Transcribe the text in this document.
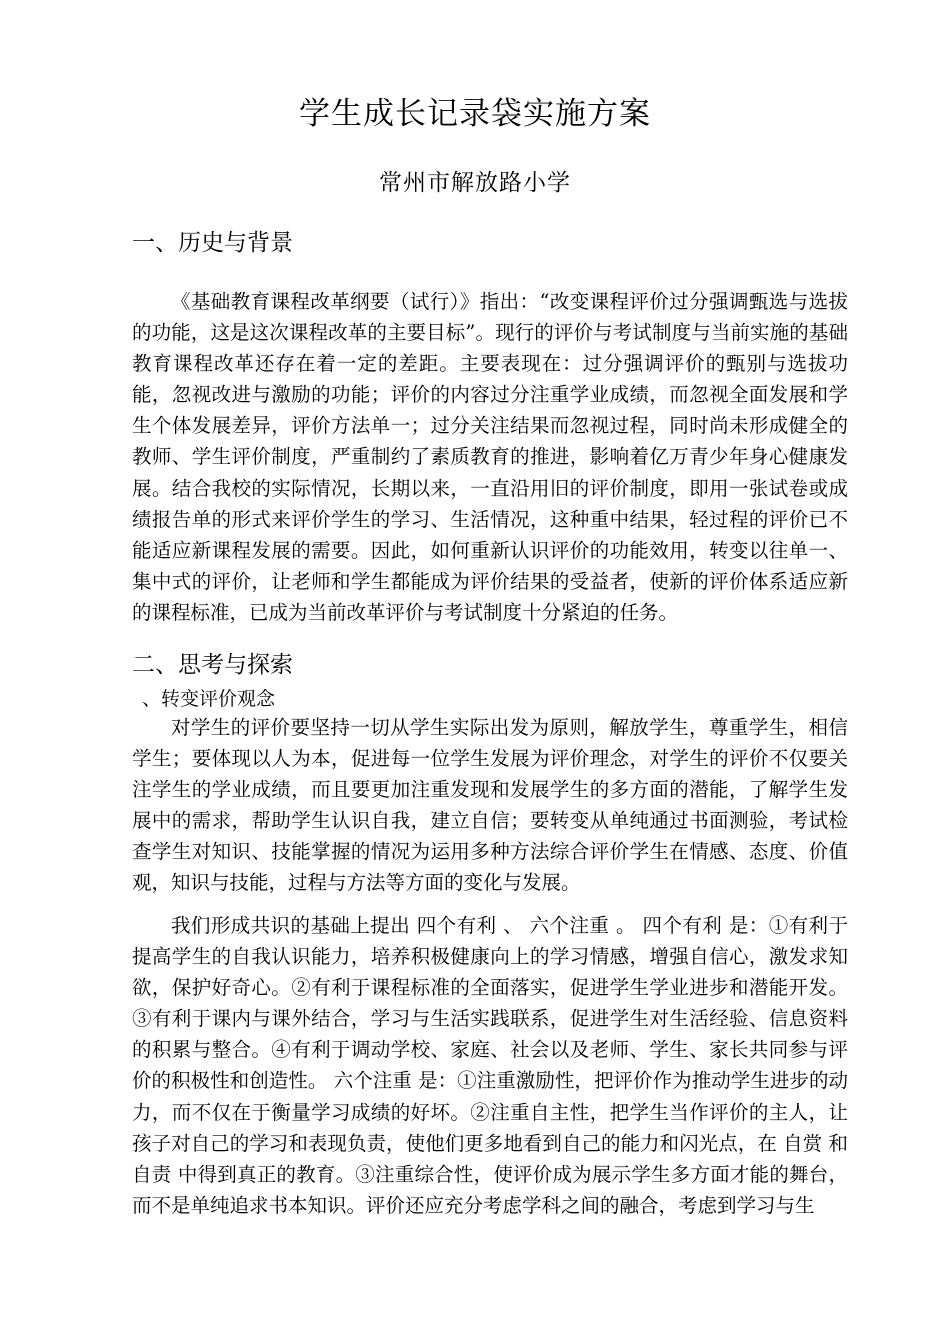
学生成长记录袋实施方案
常州市解放路小学
一、历史与背景

《基础教育课程改革纲要（试行）》指出：“改变课程评价过分强调甄选与选拔的功能，这是这次课程改革的主要目标”。现行的评价与考试制度与当前实施的基础教育课程改革还存在着一定的差距。主要表现在：过分强调评价的甄别与选拔功能，忽视改进与激励的功能；评价的内容过分注重学业成绩，而忽视全面发展和学生个体发展差异，评价方法单一；过分关注结果而忽视过程，同时尚未形成健全的教师、学生评价制度，严重制约了素质教育的推进，影响着亿万青少年身心健康发展。结合我校的实际情况，长期以来，一直沿用旧的评价制度，即用一张试卷或成绩报告单的形式来评价学生的学习、生活情况，这种重中结果，轻过程的评价已不能适应新课程发展的需要。因此，如何重新认识评价的功能效用，转变以往单一、集中式的评价，让老师和学生都能成为评价结果的受益者，使新的评价体系适应新的课程标准，已成为当前改革评价与考试制度十分紧迫的任务。

二、思考与探索
、转变评价观念

对学生的评价要坚持一切从学生实际出发为原则，解放学生，尊重学生，相信学生；要体现以人为本，促进每一位学生发展为评价理念，对学生的评价不仅要关注学生的学业成绩，而且要更加注重发现和发展学生的多方面的潜能，了解学生发展中的需求，帮助学生认识自我，建立自信；要转变从单纯通过书面测验，考试检查学生对知识、技能掌握的情况为运用多种方法综合评价学生在情感、态度、价值观，知识与技能，过程与方法等方面的变化与发展。

我们形成共识的基础上提出 四个有利 、 六个注重 。 四个有利 是：①有利于提高学生的自我认识能力，培养积极健康向上的学习情感，增强自信心，激发求知欲，保护好奇心。②有利于课程标准的全面落实，促进学生学业进步和潜能开发。③有利于课内与课外结合，学习与生活实践联系，促进学生对生活经验、信息资料的积累与整合。④有利于调动学校、家庭、社会以及老师、学生、家长共同参与评价的积极性和创造性。 六个注重 是：①注重激励性，把评价作为推动学生进步的动力，而不仅在于衡量学习成绩的好坏。②注重自主性，把学生当作评价的主人，让孩子对自己的学习和表现负责，使他们更多地看到自己的能力和闪光点，在 自赏 和 自责 中得到真正的教育。③注重综合性，使评价成为展示学生多方面才能的舞台，而不是单纯追求书本知识。评价还应充分考虑学科之间的融合，考虑到学习与生
